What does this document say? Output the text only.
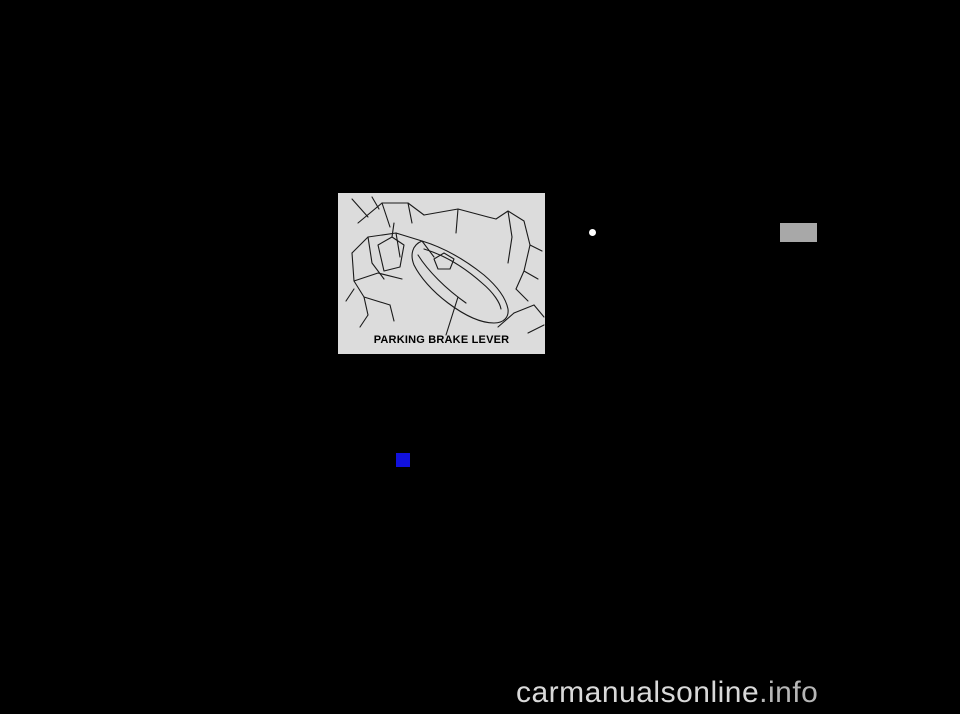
PARKING BRAKE LEVER
carmanualsonline.info
